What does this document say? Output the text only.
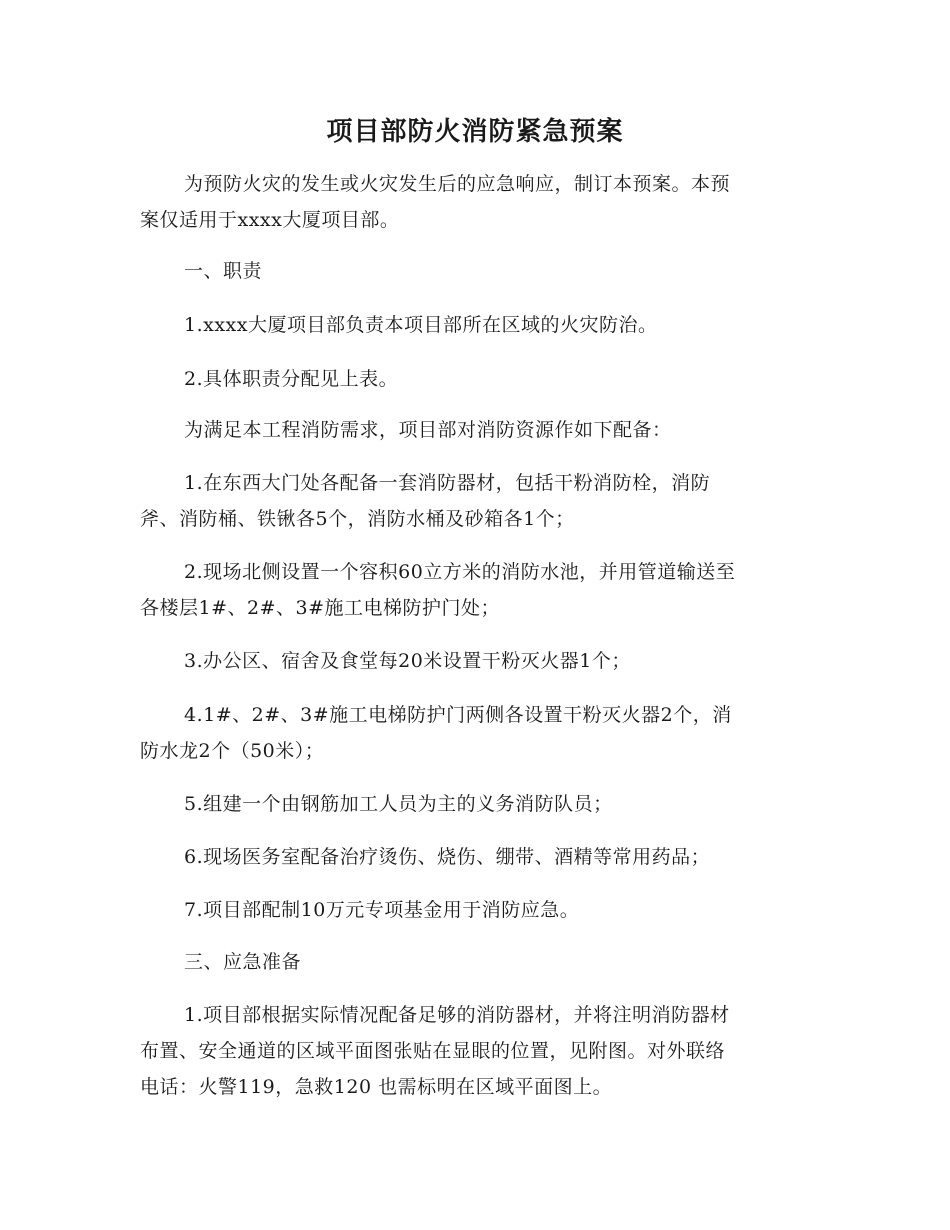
项目部防火消防紧急预案
为预防火灾的发生或火灾发生后的应急响应，制订本预案。本预
案仅适用于xxxx大厦项目部。
一、职责
1.xxxx大厦项目部负责本项目部所在区域的火灾防治。
2.具体职责分配见上表。
为满足本工程消防需求，项目部对消防资源作如下配备：
1.在东西大门处各配备一套消防器材，包括干粉消防栓，消防
斧、消防桶、铁锹各5个，消防水桶及砂箱各1个；
2.现场北侧设置一个容积60立方米的消防水池，并用管道输送至
各楼层1#、2#、3#施工电梯防护门处；
3.办公区、宿舍及食堂每20米设置干粉灭火器1个；
4.1#、2#、3#施工电梯防护门两侧各设置干粉灭火器2个，消
防水龙2个（50米）；
5.组建一个由钢筋加工人员为主的义务消防队员；
6.现场医务室配备治疗烫伤、烧伤、绷带、酒精等常用药品；
7.项目部配制10万元专项基金用于消防应急。
三、应急准备
1.项目部根据实际情况配备足够的消防器材，并将注明消防器材
布置、安全通道的区域平面图张贴在显眼的位置，见附图。对外联络
电话：火警119，急救120 也需标明在区域平面图上。
